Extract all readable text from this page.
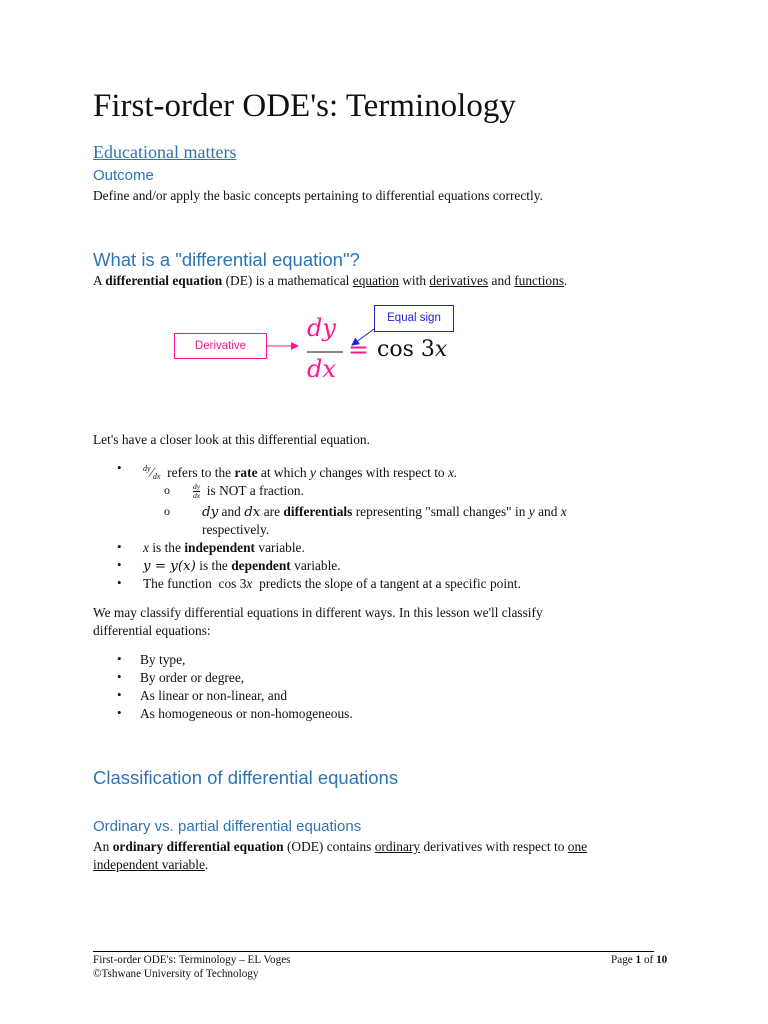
First-order ODE's: Terminology
Educational matters
Outcome
Define and/or apply the basic concepts pertaining to differential equations correctly.
What is a "differential equation"?
A differential equation (DE) is a mathematical equation with derivatives and functions.
Derivative
Equal sign
dy
dx
= cos 3x
Let's have a closer look at this differential equation.
•	$^{dy}$∕dx refers to the rate at which y changes with respect to x.
o	$\frac{dy}{dx}$ is NOT a fraction.
o dy and dx are differentials representing "small changes" in y and x
respectively.
• x is the independent variable.
• y = y(x) is the dependent variable.
• The function cos 3x predicts the slope of a tangent at a specific point.
We may classify differential equations in different ways. In this lesson we'll classify
differential equations:
• By type,
• By order or degree,
• As linear or non-linear, and
• As homogeneous or non-homogeneous.
Classification of differential equations
Ordinary vs. partial differential equations
An ordinary differential equation (ODE) contains ordinary derivatives with respect to one
independent variable.
First-order ODE's: Terminology – EL Voges
©Tshwane University of Technology
Page 1 of 10
